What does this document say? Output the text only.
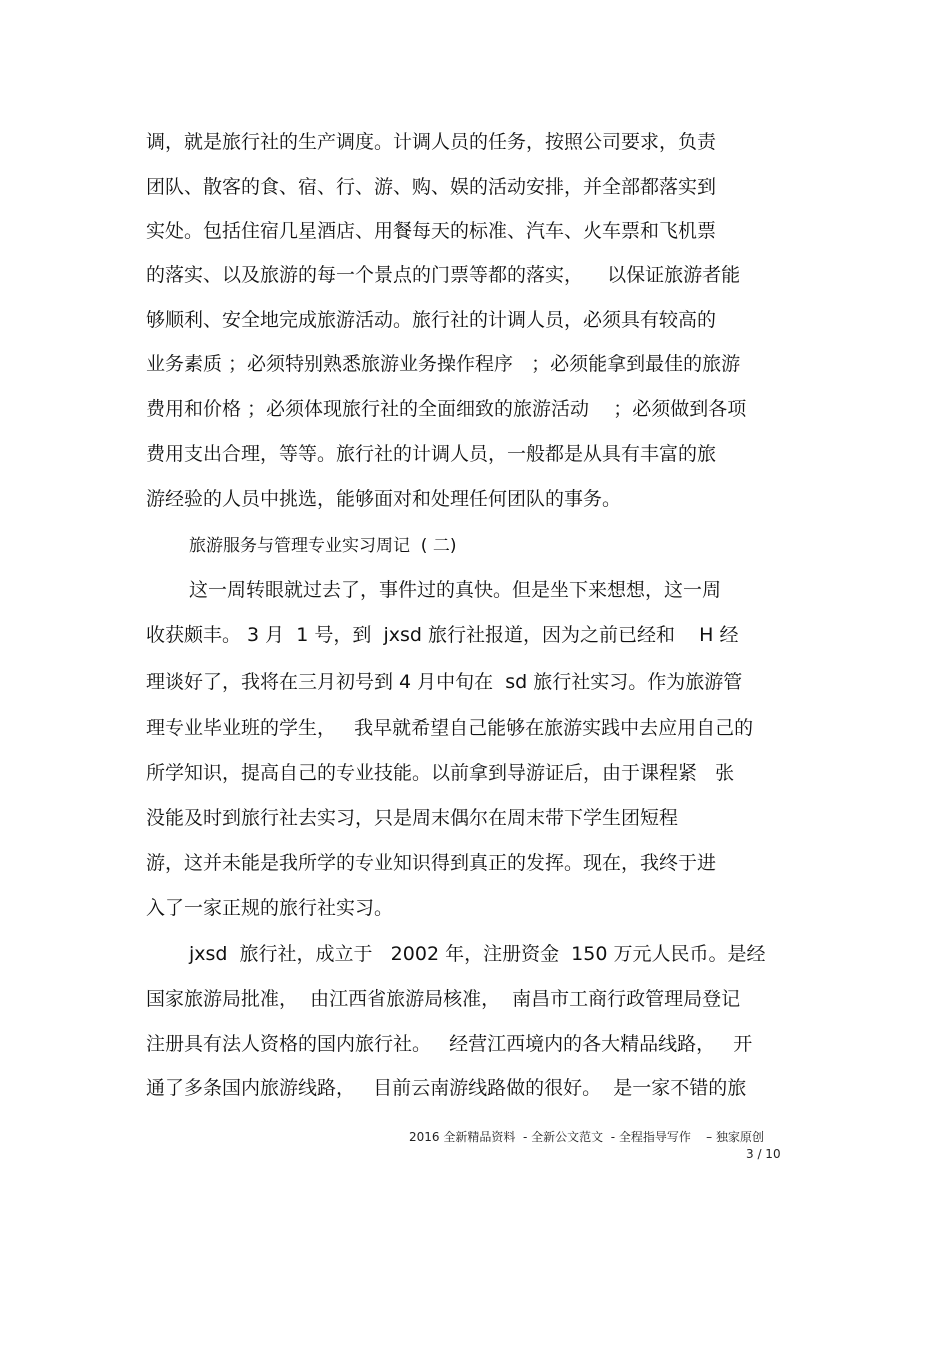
调，就是旅行社的生产调度。计调人员的任务，按照公司要求，负责
团队、散客的食、宿、行、游、购、娱的活动安排，并全部都落实到
实处。包括住宿几星酒店、用餐每天的标准、汽车、火车票和飞机票
的落实、以及旅游的每一个景点的门票等都的落实，    以保证旅游者能
够顺利、安全地完成旅游活动。旅行社的计调人员，必须具有较高的
业务素质 ；必须特别熟悉旅游业务操作程序   ；必须能拿到最佳的旅游
费用和价格 ；必须体现旅行社的全面细致的旅游活动    ；必须做到各项
费用支出合理，等等。旅行社的计调人员，一般都是从具有丰富的旅
游经验的人员中挑选，能够面对和处理任何团队的事务。
旅游服务与管理专业实习周记  ( 二)
这一周转眼就过去了，事件过的真快。但是坐下来想想，这一周
收获颇丰。 3 月  1 号，到  jxsd 旅行社报道，因为之前已经和    H 经
理谈好了，我将在三月初号到 4 月中旬在  sd 旅行社实习。作为旅游管
理专业毕业班的学生，   我早就希望自己能够在旅游实践中去应用自己的
所学知识，提高自己的专业技能。以前拿到导游证后，由于课程紧   张
没能及时到旅行社去实习，只是周末偶尔在周末带下学生团短程
游，这并未能是我所学的专业知识得到真正的发挥。现在，我终于进
入了一家正规的旅行社实习。
jxsd  旅行社，成立于   2002 年，注册资金  150 万元人民币。是经
国家旅游局批准，  由江西省旅游局核准，  南昌市工商行政管理局登记
注册具有法人资格的国内旅行社。   经营江西境内的各大精品线路，   开
通了多条国内旅游线路，   目前云南游线路做的很好。  是一家不错的旅
2016 全新精品资料  - 全新公文范文  - 全程指导写作    – 独家原创
3 / 10
